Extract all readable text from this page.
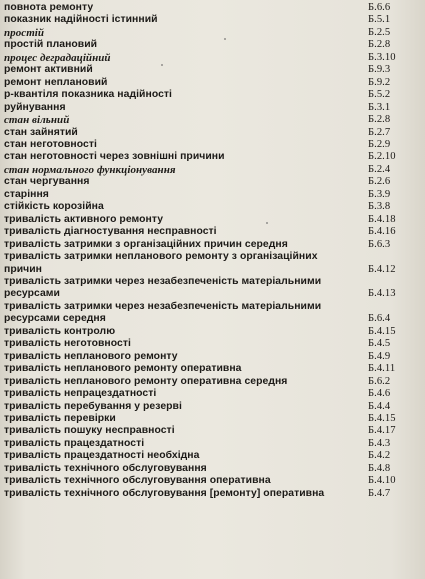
повнота ремонту	Б.6.6
показник надійності істинний	Б.5.1
простій	Б.2.5
простій плановий	Б.2.8
процес деградаційний	Б.3.10
ремонт активний	Б.9.3
ремонт неплановий	Б.9.2
p-квантіля показника надійності	Б.5.2
руйнування	Б.3.1
стан вільний	Б.2.8
стан зайнятий	Б.2.7
стан неготовності	Б.2.9
стан неготовності через зовнішні причини	Б.2.10
стан нормального функціонування	Б.2.4
стан чергування	Б.2.6
старіння	Б.3.9
стійкість корозійна	Б.3.8
тривалість активного ремонту	Б.4.18
тривалість діагностування несправності	Б.4.16
тривалість затримки з організаційних причин середня	Б.6.3
тривалість затримки непланового ремонту з організаційних причин	Б.4.12
тривалість затримки через незабезпеченість матеріальними ресурсами	Б.4.13
тривалість затримки через незабезпеченість матеріальними ресурсами середня	Б.6.4
тривалість контролю	Б.4.15
тривалість неготовності	Б.4.5
тривалість непланового ремонту	Б.4.9
тривалість непланового ремонту оперативна	Б.4.11
тривалість непланового ремонту оперативна середня	Б.6.2
тривалість непрацездатності	Б.4.6
тривалість перебування у резерві	Б.4.4
тривалість перевірки	Б.4.15
тривалість пошуку несправності	Б.4.17
тривалість працездатності	Б.4.3
тривалість працездатності необхідна	Б.4.2
тривалість технічного обслуговування	Б.4.8
тривалість технічного обслуговування оперативна	Б.4.10
тривалість технічного обслуговування [ремонту] оперативна	Б.4.7
